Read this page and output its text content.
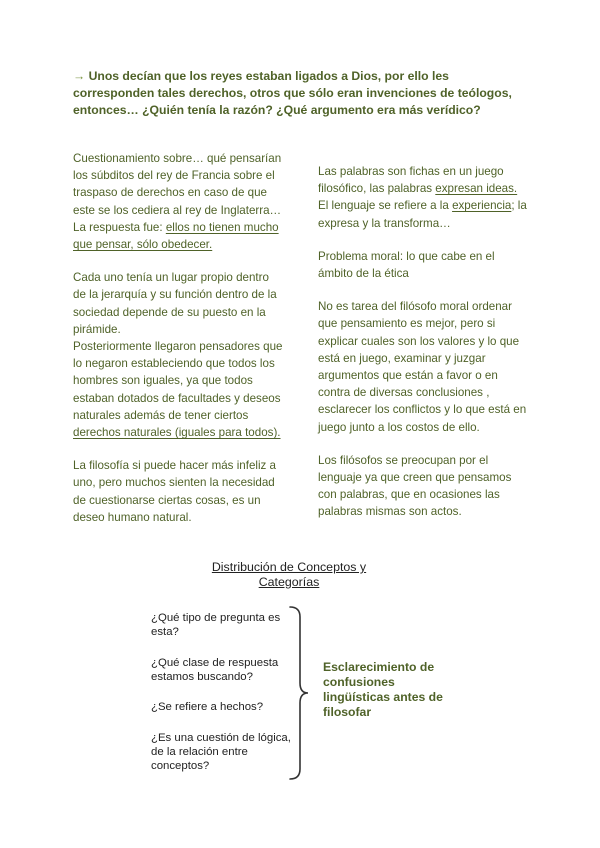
→ Unos decían que los reyes estaban ligados a Dios, por ello les corresponden tales derechos, otros que sólo eran invenciones de teólogos, entonces… ¿Quién tenía la razón? ¿Qué argumento era más verídico?

Cuestionamiento sobre… qué pensarían los súbditos del rey de Francia sobre el traspaso de derechos en caso de que este se los cediera al rey de Inglaterra… La respuesta fue: ellos no tienen mucho que pensar, sólo obedecer.

Cada uno tenía un lugar propio dentro de la jerarquía y su función dentro de la sociedad depende de su puesto en la pirámide.

Posteriormente llegaron pensadores que lo negaron estableciendo que todos los hombres son iguales, ya que todos estaban dotados de facultades y deseos naturales además de tener ciertos derechos naturales (iguales para todos).

La filosofía si puede hacer más infeliz a uno, pero muchos sienten la necesidad de cuestionarse ciertas cosas, es un deseo humano natural.

Las palabras son fichas en un juego filosófico, las palabras expresan ideas. El lenguaje se refiere a la experiencia; la expresa y la transforma…

Problema moral: lo que cabe en el ámbito de la ética

No es tarea del filósofo moral ordenar que pensamiento es mejor, pero si explicar cuales son los valores y lo que está en juego, examinar y juzgar argumentos que están a favor o en contra de diversas conclusiones , esclarecer los conflictos y lo que está en juego junto a los costos de ello.

Los filósofos se preocupan por el lenguaje ya que creen que pensamos con palabras, que en ocasiones las palabras mismas son actos.

Distribución de Conceptos y Categorías
¿Qué tipo de pregunta es esta?
¿Qué clase de respuesta estamos buscando?
¿Se refiere a hechos?
¿Es una cuestión de lógica, de la relación entre conceptos?
Esclarecimiento de confusiones lingüísticas antes de filosofar
